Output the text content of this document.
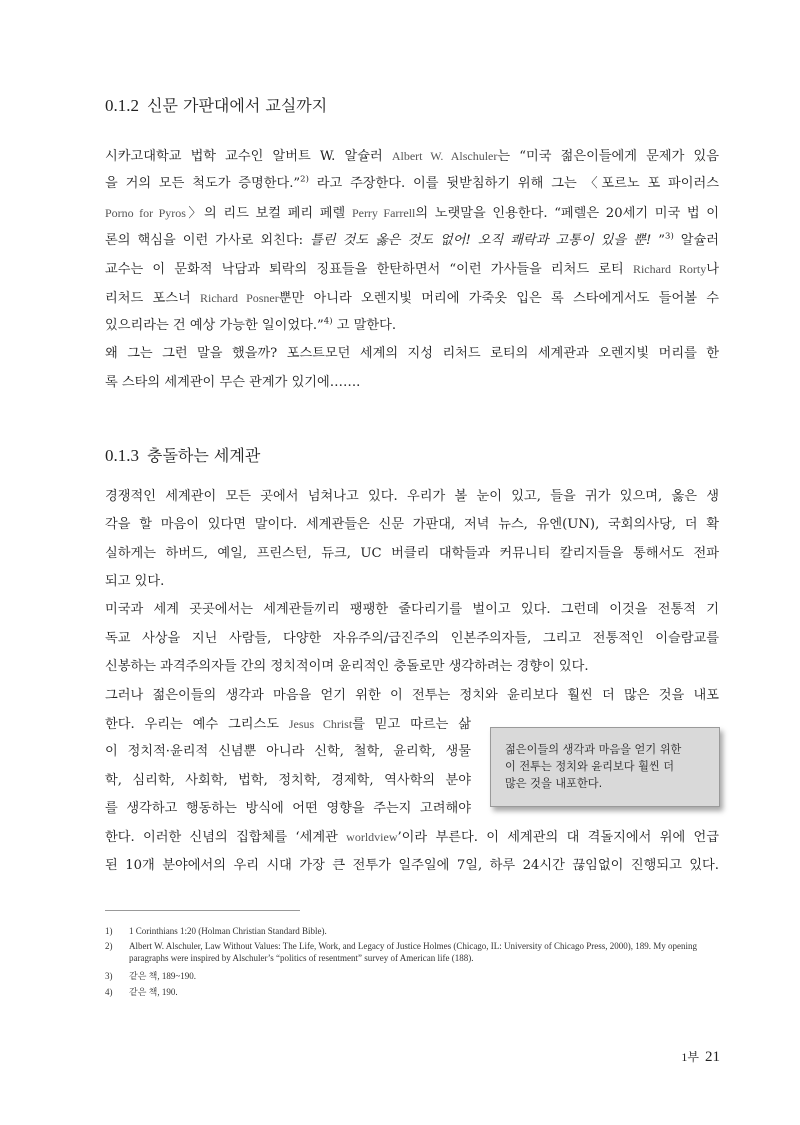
0.1.2 신문 가판대에서 교실까지
시카고대학교 법학 교수인 알버트 W. 알슐러 Albert W. Alschuler는 “미국 젊은이들에게 문제가 있음
을 거의 모든 척도가 증명한다.”$^{2)}$ 라고 주장한다. 이를 뒷받침하기 위해 그는 〈포르노 포 파이러스
Porno for Pyros〉의 리드 보컬 페리 페렐 Perry Farrell의 노랫말을 인용한다. “페렐은 20세기 미국 법 이
론의 핵심을 이런 가사로 외친다: 틀린 것도 옳은 것도 없어! 오직 쾌락과 고통이 있을 뿐! ”$^{3)}$ 알슐러
교수는 이 문화적 낙담과 퇴락의 징표들을 한탄하면서 “이런 가사들을 리처드 로티 Richard Rorty나
리처드 포스너 Richard Posner뿐만 아니라 오렌지빛 머리에 가죽옷 입은 록 스타에게서도 들어볼 수
있으리라는 건 예상 가능한 일이었다.”$^{4)}$ 고 말한다.
왜 그는 그런 말을 했을까? 포스트모던 세계의 지성 리처드 로티의 세계관과 오렌지빛 머리를 한
록 스타의 세계관이 무슨 관계가 있기에…….
0.1.3 충돌하는 세계관
경쟁적인 세계관이 모든 곳에서 넘쳐나고 있다. 우리가 볼 눈이 있고, 들을 귀가 있으며, 옳은 생
각을 할 마음이 있다면 말이다. 세계관들은 신문 가판대, 저녁 뉴스, 유엔(UN), 국회의사당, 더 확
실하게는 하버드, 예일, 프린스턴, 듀크, UC 버클리 대학들과 커뮤니티 칼리지들을 통해서도 전파
되고 있다.
미국과 세계 곳곳에서는 세계관들끼리 팽팽한 줄다리기를 벌이고 있다. 그런데 이것을 전통적 기
독교 사상을 지닌 사람들, 다양한 자유주의/급진주의 인본주의자들, 그리고 전통적인 이슬람교를
신봉하는 과격주의자들 간의 정치적이며 윤리적인 충돌로만 생각하려는 경향이 있다.
그러나 젊은이들의 생각과 마음을 얻기 위한 이 전투는 정치와 윤리보다 훨씬 더 많은 것을 내포
한다. 우리는 예수 그리스도 Jesus Christ를 믿고 따르는 삶
이 정치적·윤리적 신념뿐 아니라 신학, 철학, 윤리학, 생물
학, 심리학, 사회학, 법학, 정치학, 경제학, 역사학의 분야
를 생각하고 행동하는 방식에 어떤 영향을 주는지 고려해야
한다. 이러한 신념의 집합체를 ‘세계관 worldview’이라 부른다. 이 세계관의 대 격돌지에서 위에 언급
된 10개 분야에서의 우리 시대 가장 큰 전투가 일주일에 7일, 하루 24시간 끊임없이 진행되고 있다.
젊은이들의 생각과 마음을 얻기 위한
이 전투는 정치와 윤리보다 훨씬 더
많은 것을 내포한다.
1) 1 Corinthians 1:20 (Holman Christian Standard Bible).
2) Albert W. Alschuler, Law Without Values: The Life, Work, and Legacy of Justice Holmes (Chicago, IL: University of Chicago Press, 2000), 189. My opening paragraphs were inspired by Alschuler’s “politics of resentment” survey of American life (188).
3) 같은 책, 189~190.
4) 같은 책, 190.
1부 21
